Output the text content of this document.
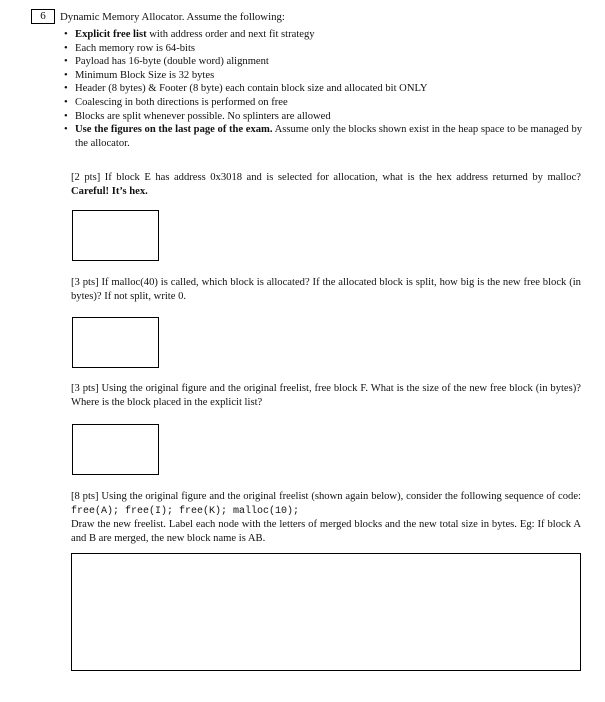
6	Dynamic Memory Allocator. Assume the following:
• Explicit free list with address order and next fit strategy
• Each memory row is 64-bits
• Payload has 16-byte (double word) alignment
• Minimum Block Size is 32 bytes
• Header (8 bytes) & Footer (8 byte) each contain block size and allocated bit ONLY
• Coalescing in both directions is performed on free
• Blocks are split whenever possible. No splinters are allowed
• Use the figures on the last page of the exam. Assume only the blocks shown exist in the heap space to be managed by the allocator.
[2 pts] If block E has address 0x3018 and is selected for allocation, what is the hex address returned by malloc? Careful! It’s hex.
[3 pts] If malloc(40) is called, which block is allocated? If the allocated block is split, how big is the new free block (in bytes)? If not split, write 0.
[3 pts] Using the original figure and the original freelist, free block F. What is the size of the new free block (in bytes)? Where is the block placed in the explicit list?
[8 pts] Using the original figure and the original freelist (shown again below), consider the following sequence of code: free(A); free(I); free(K); malloc(10);
Draw the new freelist. Label each node with the letters of merged blocks and the new total size in bytes. Eg: If block A and B are merged, the new block name is AB.
